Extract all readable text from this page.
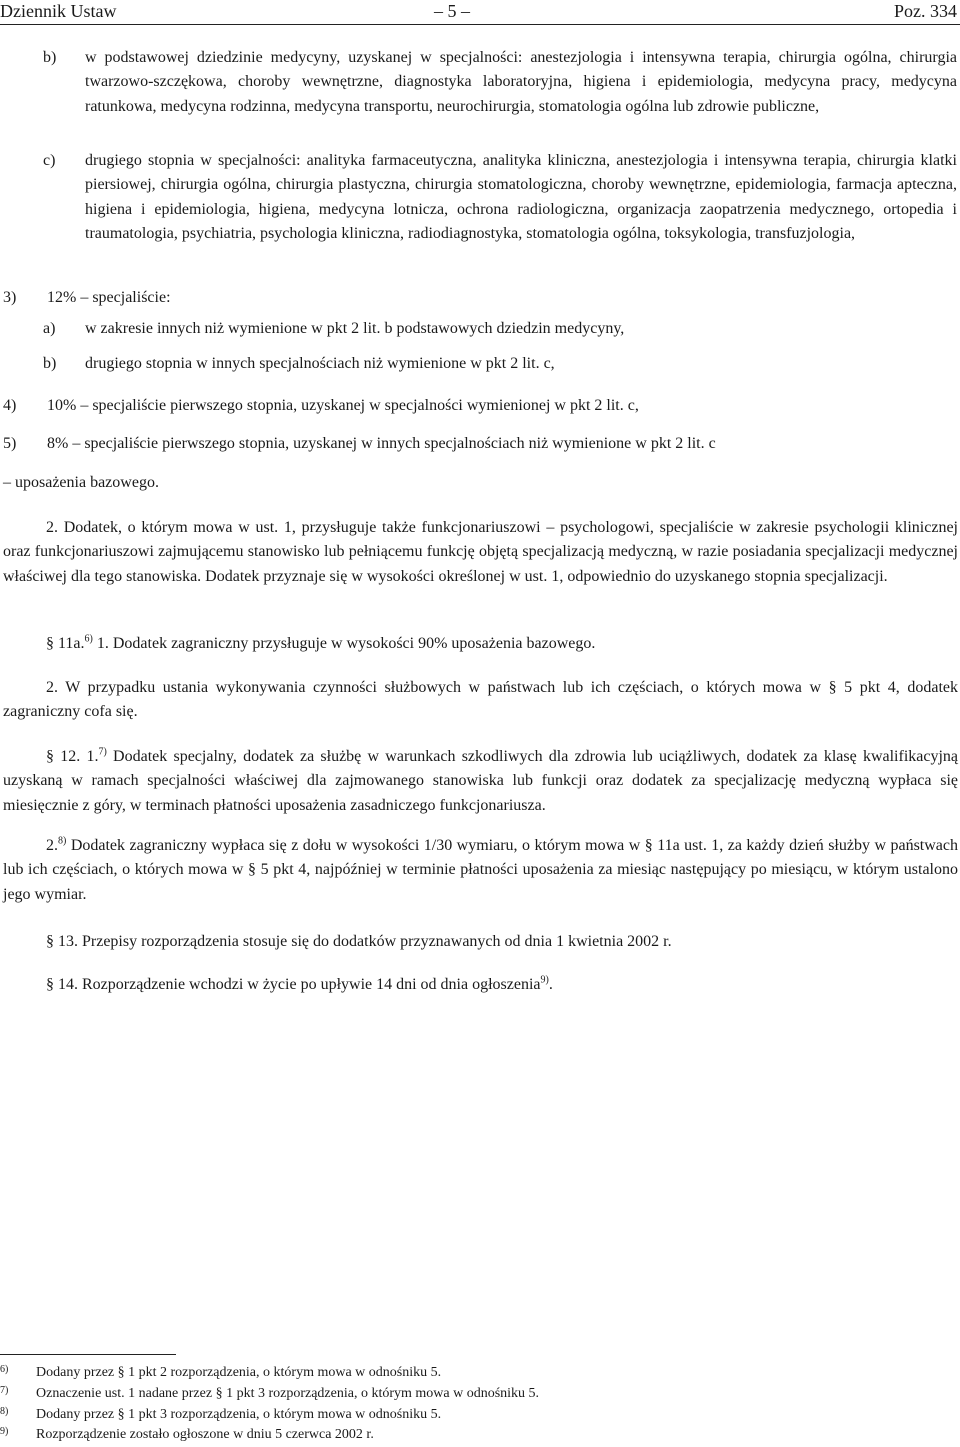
Dziennik Ustaw	– 5 –	Poz. 334
b) w podstawowej dziedzinie medycyny, uzyskanej w specjalności: anestezjologia i intensywna terapia, chirurgia ogólna, chirurgia twarzowo-szczękowa, choroby wewnętrzne, diagnostyka laboratoryjna, higiena i epidemiologia, medycyna pracy, medycyna ratunkowa, medycyna rodzinna, medycyna transportu, neurochirurgia, stomatologia ogólna lub zdrowie publiczne,
c) drugiego stopnia w specjalności: analityka farmaceutyczna, analityka kliniczna, anestezjologia i intensywna terapia, chirurgia klatki piersiowej, chirurgia ogólna, chirurgia plastyczna, chirurgia stomatologiczna, choroby wewnętrzne, epidemiologia, farmacja apteczna, higiena i epidemiologia, higiena, medycyna lotnicza, ochrona radiologiczna, organizacja zaopatrzenia medycznego, ortopedia i traumatologia, psychiatria, psychologia kliniczna, radiodiagnostyka, stomatologia ogólna, toksykologia, transfuzjologia,
3) 12% – specjaliście:
a) w zakresie innych niż wymienione w pkt 2 lit. b podstawowych dziedzin medycyny,
b) drugiego stopnia w innych specjalnościach niż wymienione w pkt 2 lit. c,
4) 10% – specjaliście pierwszego stopnia, uzyskanej w specjalności wymienionej w pkt 2 lit. c,
5) 8% – specjaliście pierwszego stopnia, uzyskanej w innych specjalnościach niż wymienione w pkt 2 lit. c
– uposażenia bazowego.
2. Dodatek, o którym mowa w ust. 1, przysługuje także funkcjonariuszowi – psychologowi, specjaliście w zakresie psychologii klinicznej oraz funkcjonariuszowi zajmującemu stanowisko lub pełniącemu funkcję objętą specjalizacją medyczną, w razie posiadania specjalizacji medycznej właściwej dla tego stanowiska. Dodatek przyznaje się w wysokości określonej w ust. 1, odpowiednio do uzyskanego stopnia specjalizacji.
§ 11a.$^{6)}$ 1. Dodatek zagraniczny przysługuje w wysokości 90% uposażenia bazowego.
2. W przypadku ustania wykonywania czynności służbowych w państwach lub ich częściach, o których mowa w § 5 pkt 4, dodatek zagraniczny cofa się.
§ 12. 1.$^{7)}$ Dodatek specjalny, dodatek za służbę w warunkach szkodliwych dla zdrowia lub uciążliwych, dodatek za klasę kwalifikacyjną uzyskaną w ramach specjalności właściwej dla zajmowanego stanowiska lub funkcji oraz dodatek za specjalizację medyczną wypłaca się miesięcznie z góry, w terminach płatności uposażenia zasadniczego funkcjonariusza.
2.$^{8)}$ Dodatek zagraniczny wypłaca się z dołu w wysokości 1/30 wymiaru, o którym mowa w § 11a ust. 1, za każdy dzień służby w państwach lub ich częściach, o których mowa w § 5 pkt 4, najpóźniej w terminie płatności uposażenia za miesiąc następujący po miesiącu, w którym ustalono jego wymiar.
§ 13. Przepisy rozporządzenia stosuje się do dodatków przyznawanych od dnia 1 kwietnia 2002 r.
§ 14. Rozporządzenie wchodzi w życie po upływie 14 dni od dnia ogłoszenia$^{9)}$.
6) Dodany przez § 1 pkt 2 rozporządzenia, o którym mowa w odnośniku 5.
7) Oznaczenie ust. 1 nadane przez § 1 pkt 3 rozporządzenia, o którym mowa w odnośniku 5.
8) Dodany przez § 1 pkt 3 rozporządzenia, o którym mowa w odnośniku 5.
9) Rozporządzenie zostało ogłoszone w dniu 5 czerwca 2002 r.
